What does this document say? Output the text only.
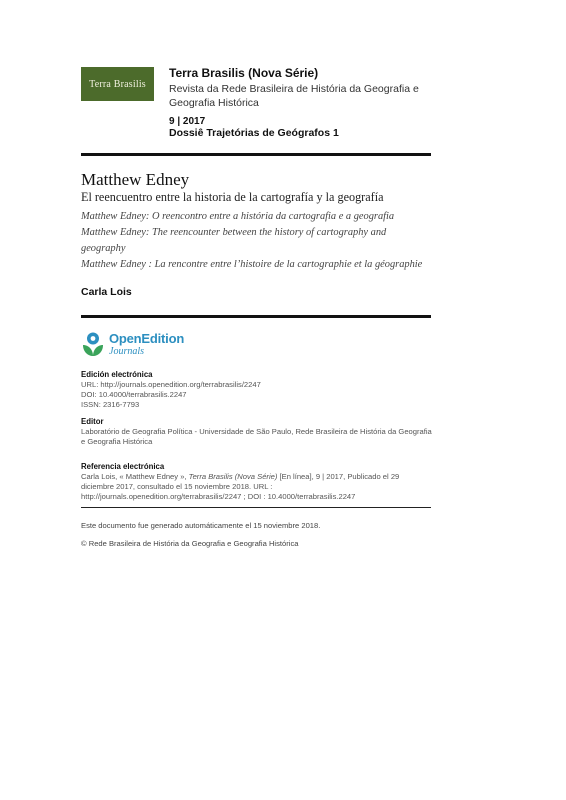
Terra Brasilis
Terra Brasilis (Nova Série)
Revista da Rede Brasileira de História da Geografia e Geografia Histórica
9 | 2017
Dossiê Trajetórias de Geógrafos 1
Matthew Edney
El reencuentro entre la historia de la cartografía y la geografía
Matthew Edney: O reencontro entre a história da cartografia e a geografia
Matthew Edney: The reencounter between the history of cartography and geography
Matthew Edney : La rencontre entre l’histoire de la cartographie et la géographie
Carla Lois
OpenEdition
Journals
Edición electrónica
URL: http://journals.openedition.org/terrabrasilis/2247
DOI: 10.4000/terrabrasilis.2247
ISSN: 2316-7793
Editor
Laboratório de Geografia Política - Universidade de São Paulo, Rede Brasileira de História da Geografia e Geografia Histórica
Referencia electrónica
Carla Lois, « Matthew Edney », Terra Brasilis (Nova Série) [En línea], 9 | 2017, Publicado el 29 diciembre 2017, consultado el 15 noviembre 2018. URL : http://journals.openedition.org/terrabrasilis/2247 ; DOI : 10.4000/terrabrasilis.2247
Este documento fue generado automáticamente el 15 noviembre 2018.
© Rede Brasileira de História da Geografia e Geografia Histórica
